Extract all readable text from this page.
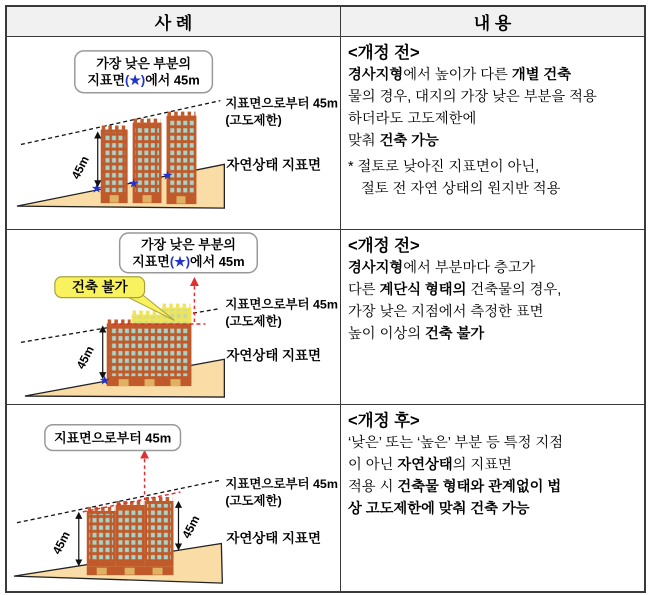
사 례	내 용
★ ★
★
45m
가장 낮은 부분의
지표면(★)에서 45m
지표면으로부터 45m
(고도제한)
자연상태 지표면
<개정 전>
경사지형에서 높이가 다른 개별 건축
물의 경우, 대지의 가장 낮은 부분을 적용
하더라도 고도제한에
맞춰 건축 가능
* 절토로 낮아진 지표면이 아닌,
절토 전 자연 상태의 원지반 적용
★
45m
건축 불가
가장 낮은 부분의
지표면(★)에서 45m
지표면으로부터 45m
(고도제한)
자연상태 지표면
<개정 전>
경사지형에서 부분마다 층고가
다른 계단식 형태의 건축물의 경우,
가장 낮은 지점에서 측정한 표면
높이 이상의 건축 불가
45m
45m
지표면으로부터 45m
지표면으로부터 45m
(고도제한)
자연상태 지표면
<개정 후>
‘낮은’ 또는 ‘높은’ 부분 등 특정 지점
이 아닌 자연상태의 지표면
적용 시 건축물 형태와 관계없이 법
상 고도제한에 맞춰 건축 가능
